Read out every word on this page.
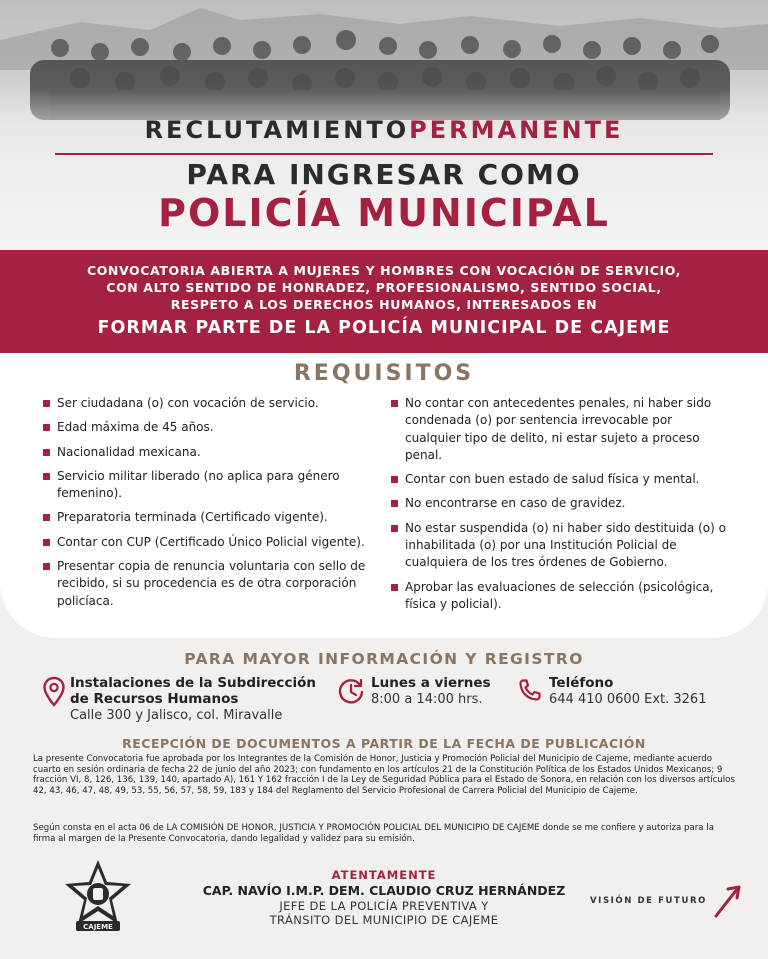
RECLUTAMIENTOPERMANENTE
PARA INGRESAR COMO
POLICÍA MUNICIPAL
CONVOCATORIA ABIERTA A MUJERES Y HOMBRES CON VOCACIÓN DE SERVICIO,
CON ALTO SENTIDO DE HONRADEZ, PROFESIONALISMO, SENTIDO SOCIAL,
RESPETO A LOS DERECHOS HUMANOS, INTERESADOS EN
FORMAR PARTE DE LA POLICÍA MUNICIPAL DE CAJEME
REQUISITOS
Ser ciudadana (o) con vocación de servicio.
Edad máxima de 45 años.
Nacionalidad mexicana.
Servicio militar liberado (no aplica para género femenino).
Preparatoria terminada (Certificado vigente).
Contar con CUP (Certificado Único Policial vigente).
Presentar copia de renuncia voluntaria con sello de recibido, si su procedencia es de otra corporación policíaca.
No contar con antecedentes penales, ni haber sido condenada (o) por sentencia irrevocable por cualquier tipo de delito, ni estar sujeto a proceso penal.
Contar con buen estado de salud física y mental.
No encontrarse en caso de gravidez.
No estar suspendida (o) ni haber sido destituida (o) o inhabilitada (o) por una Institución Policial de cualquiera de los tres órdenes de Gobierno.
Aprobar las evaluaciones de selección (psicológica, física y policial).
PARA MAYOR INFORMACIÓN Y REGISTRO
Instalaciones de la Subdirección
de Recursos Humanos
Calle 300 y Jalisco, col. Miravalle
Lunes a viernes
8:00 a 14:00 hrs.
Teléfono
644 410 0600 Ext. 3261
RECEPCIÓN DE DOCUMENTOS A PARTIR DE LA FECHA DE PUBLICACIÓN
La presente Convocatoria fue aprobada por los Integrantes de la Comisión de Honor, Justicia y Promoción Policial del Municipio de Cajeme, mediante acuerdo cuarto en sesión ordinaria de fecha 22 de junio del año 2023; con fundamento en los artículos 21 de la Constitución Política de los Estados Unidos Mexicanos; 9 fracción VI, 8, 126, 136, 139, 140, apartado A), 161 Y 162 fracción I de la Ley de Seguridad Pública para el Estado de Sonora, en relación con los diversos artículos 42, 43, 46, 47, 48, 49, 53, 55, 56, 57, 58, 59, 183 y 184 del Reglamento del Servicio Profesional de Carrera Policial del Municipio de Cajeme.
Según consta en el acta 06 de LA COMISIÓN DE HONOR, JUSTICIA Y PROMOCIÓN POLICIAL DEL MUNICIPIO DE CAJEME donde se me confiere y autoriza para la firma al margen de la Presente Convocatoria, dando legalidad y validez para su emisión.
CAJEME
ATENTAMENTE
CAP. NAVÍO I.M.P. DEM. CLAUDIO CRUZ HERNÁNDEZ
JEFE DE LA POLICÍA PREVENTIVA Y
TRÁNSITO DEL MUNICIPIO DE CAJEME
VISIÓN DE FUTURO
